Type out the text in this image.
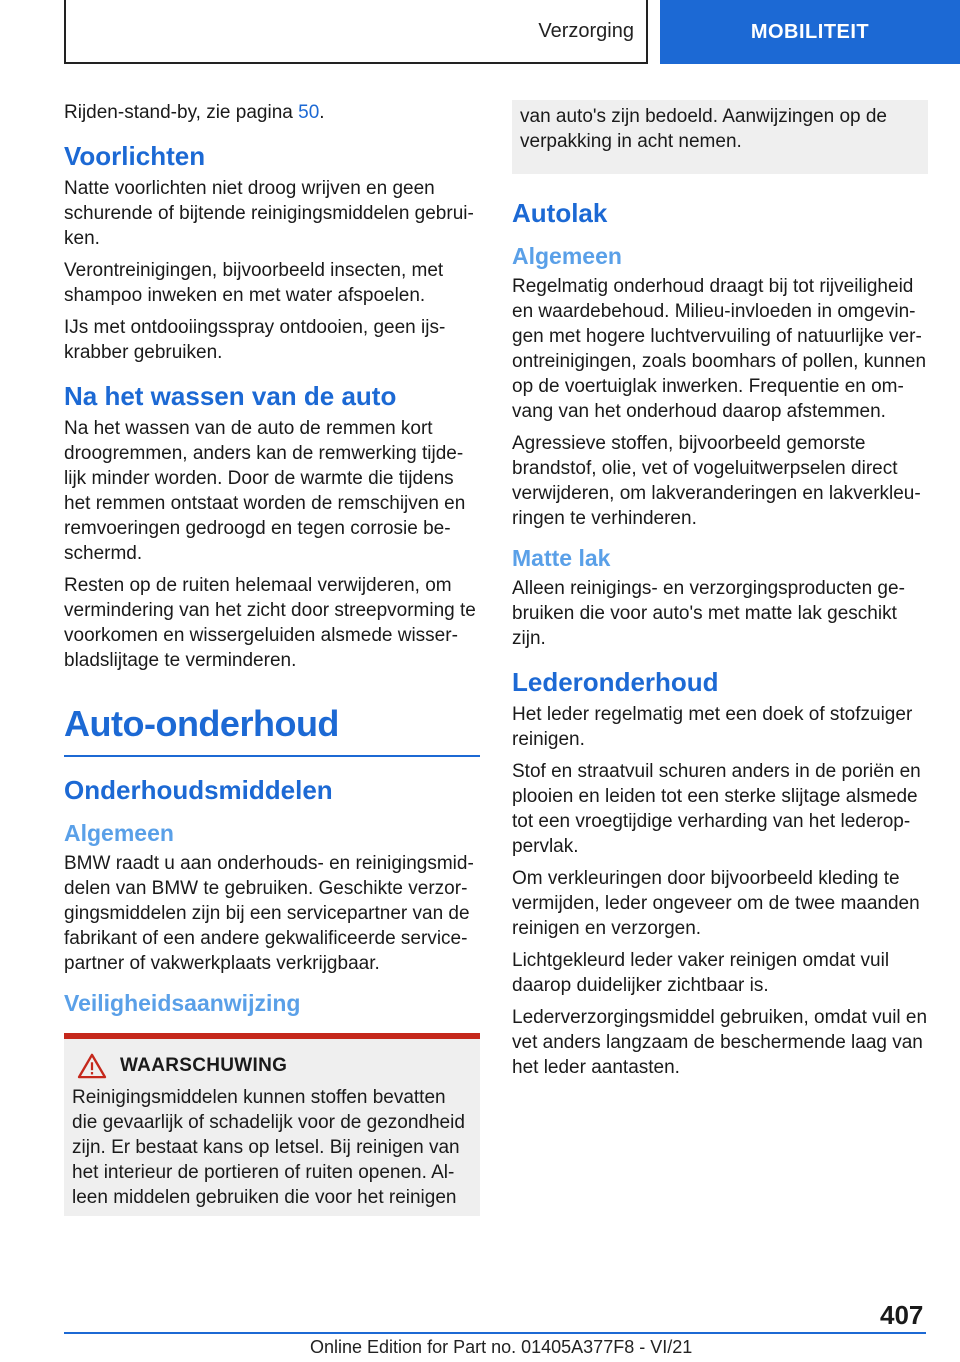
Verzorging	MOBILITEIT

Rijden-stand-by, zie pagina 50.

Voorlichten

Natte voorlichten niet droog wrijven en geen schurende of bijtende reinigingsmiddelen gebrui-ken.

Verontreinigingen, bijvoorbeeld insecten, met shampoo inweken en met water afspoelen.

IJs met ontdooiingsspray ontdooien, geen ijs-krabber gebruiken.

Na het wassen van de auto

Na het wassen van de auto de remmen kort droogremmen, anders kan de remwerking tijde-lijk minder worden. Door de warmte die tijdens het remmen ontstaat worden de remschijven en remvoeringen gedroogd en tegen corrosie be-schermd.

Resten op de ruiten helemaal verwijderen, om vermindering van het zicht door streepvorming te voorkomen en wissergeluiden alsmede wisser-bladslijtage te verminderen.

Auto-onderhoud
Onderhoudsmiddelen
Algemeen

BMW raadt u aan onderhouds- en reinigingsmid-delen van BMW te gebruiken. Geschikte verzor-gingsmiddelen zijn bij een servicepartner van de fabrikant of een andere gekwalificeerde service-partner of vakwerkplaats verkrijgbaar.

Veiligheidsaanwijzing
WAARSCHUWING

Reinigingsmiddelen kunnen stoffen bevatten die gevaarlijk of schadelijk voor de gezondheid zijn. Er bestaat kans op letsel. Bij reinigen van het interieur de portieren of ruiten openen. Al-leen middelen gebruiken die voor het reinigen

van auto's zijn bedoeld. Aanwijzingen op de verpakking in acht nemen.

Autolak
Algemeen

Regelmatig onderhoud draagt bij tot rijveiligheid en waardebehoud. Milieu-invloeden in omgevin-gen met hogere luchtvervuiling of natuurlijke ver-ontreinigingen, zoals boomhars of pollen, kunnen op de voertuiglak inwerken. Frequentie en om-vang van het onderhoud daarop afstemmen.

Agressieve stoffen, bijvoorbeeld gemorste brandstof, olie, vet of vogeluitwerpselen direct verwijderen, om lakveranderingen en lakverkleu-ringen te verhinderen.

Matte lak

Alleen reinigings- en verzorgingsproducten ge-bruiken die voor auto's met matte lak geschikt zijn.

Lederonderhoud

Het leder regelmatig met een doek of stofzuiger reinigen.

Stof en straatvuil schuren anders in de poriën en plooien en leiden tot een sterke slijtage alsmede tot een vroegtijdige verharding van het lederop-pervlak.

Om verkleuringen door bijvoorbeeld kleding te vermijden, leder ongeveer om de twee maanden reinigen en verzorgen.

Lichtgekleurd leder vaker reinigen omdat vuil daarop duidelijker zichtbaar is.

Lederverzorgingsmiddel gebruiken, omdat vuil en vet anders langzaam de beschermende laag van het leder aantasten.

407
Online Edition for Part no. 01405A377F8 - VI/21
